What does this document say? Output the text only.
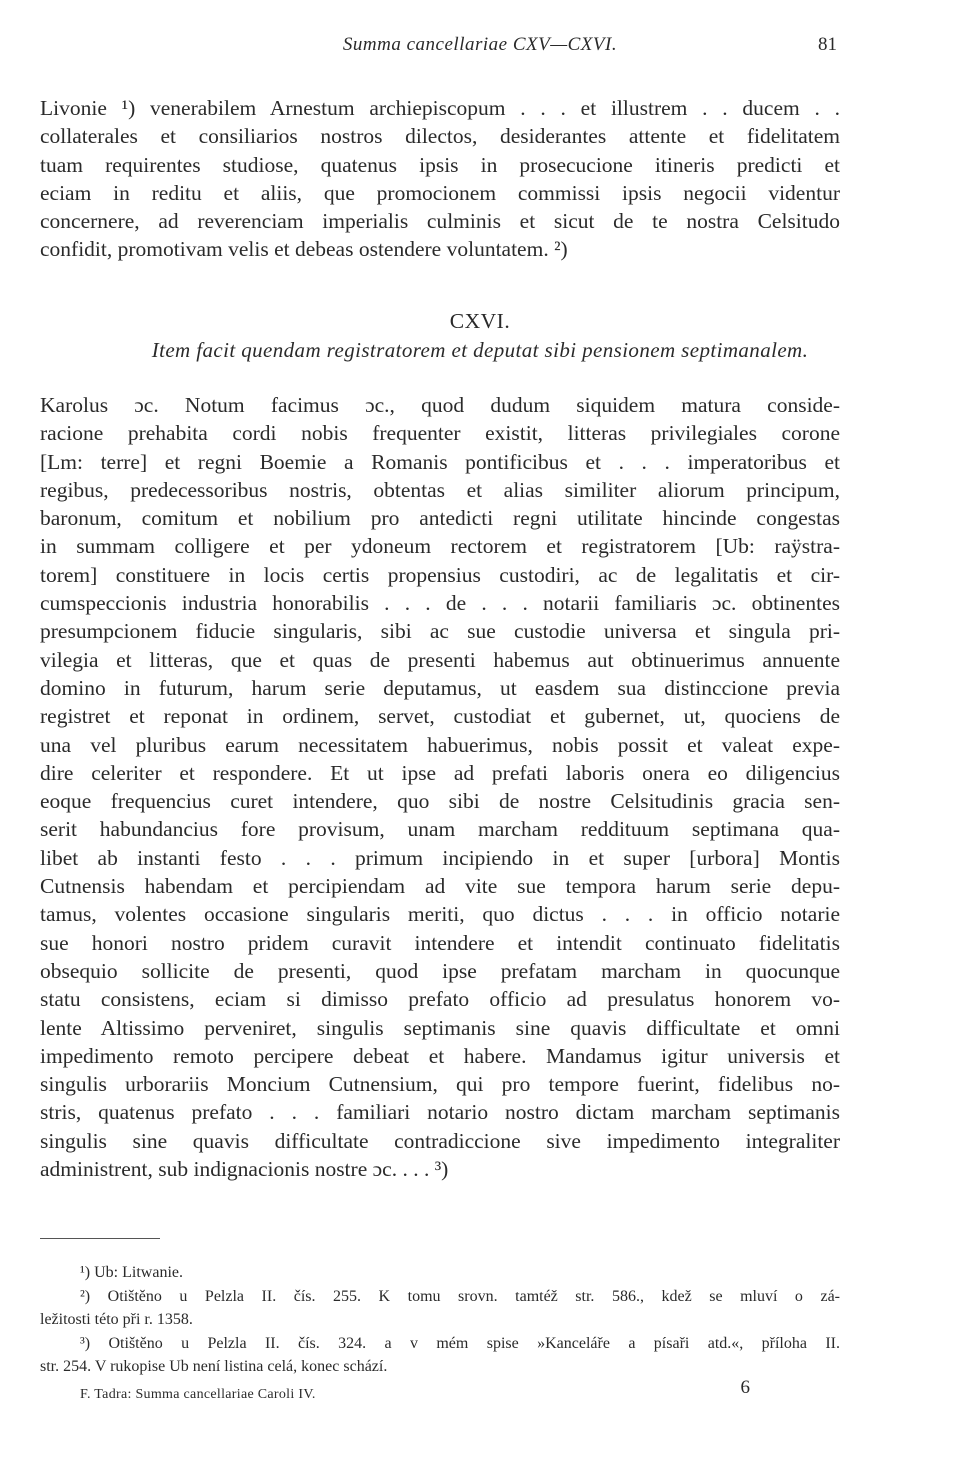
Summa cancellariae CXV—CXVI.	81
Livonie ¹) venerabilem Arnestum archiepiscopum . . . et illustrem . . ducem . .
collaterales et consiliarios nostros dilectos, desiderantes attente et fidelitatem
tuam requirentes studiose, quatenus ipsis in prosecucione itineris predicti et
eciam in reditu et aliis, que promocionem commissi ipsis negocii videntur
concernere, ad reverenciam imperialis culminis et sicut de te nostra Celsitudo
confidit, promotivam velis et debeas ostendere voluntatem. ²)
CXVI.
Item facit quendam registratorem et deputat sibi pensionem septimanalem.
Karolus ɔc. Notum facimus ɔc., quod dudum siquidem matura conside-
racione prehabita cordi nobis frequenter existit, litteras privilegiales corone
[Lm: terre] et regni Boemie a Romanis pontificibus et . . . imperatoribus et
regibus, predecessoribus nostris, obtentas et alias similiter aliorum principum,
baronum, comitum et nobilium pro antedicti regni utilitate hincinde congestas
in summam colligere et per ydoneum rectorem et registratorem [Ub: raÿstra-
torem] constituere in locis certis propensius custodiri, ac de legalitatis et cir-
cumspeccionis industria honorabilis . . . de . . . notarii familiaris ɔc. obtinentes
presumpcionem fiducie singularis, sibi ac sue custodie universa et singula pri-
vilegia et litteras, que et quas de presenti habemus aut obtinuerimus annuente
domino in futurum, harum serie deputamus, ut easdem sua distinccione previa
registret et reponat in ordinem, servet, custodiat et gubernet, ut, quociens de
una vel pluribus earum necessitatem habuerimus, nobis possit et valeat expe-
dire celeriter et respondere. Et ut ipse ad prefati laboris onera eo diligencius
eoque frequencius curet intendere, quo sibi de nostre Celsitudinis gracia sen-
serit habundancius fore provisum, unam marcham reddituum septimana qua-
libet ab instanti festo . . . primum incipiendo in et super [urbora] Montis
Cutnensis habendam et percipiendam ad vite sue tempora harum serie depu-
tamus, volentes occasione singularis meriti, quo dictus . . . in officio notarie
sue honori nostro pridem curavit intendere et intendit continuato fidelitatis
obsequio sollicite de presenti, quod ipse prefatam marcham in quocunque
statu consistens, eciam si dimisso prefato officio ad presulatus honorem vo-
lente Altissimo perveniret, singulis septimanis sine quavis difficultate et omni
impedimento remoto percipere debeat et habere. Mandamus igitur universis et
singulis urborariis Moncium Cutnensium, qui pro tempore fuerint, fidelibus no-
stris, quatenus prefato . . . familiari notario nostro dictam marcham septimanis
singulis sine quavis difficultate contradiccione sive impedimento integraliter
administrent, sub indignacionis nostre ɔc. . . . ³)
¹) Ub: Litwanie.
²) Otištěno u Pelzla II. čís. 255. K tomu srovn. tamtéž str. 586., kdež se mluví o zá-
ležitosti této při r. 1358.
³) Otištěno u Pelzla II. čís. 324. a v mém spise »Kanceláře a písaři atd.«, příloha II.
str. 254. V rukopise Ub není listina celá, konec schází.
F. Tadra: Summa cancellariae Caroli IV.	6
